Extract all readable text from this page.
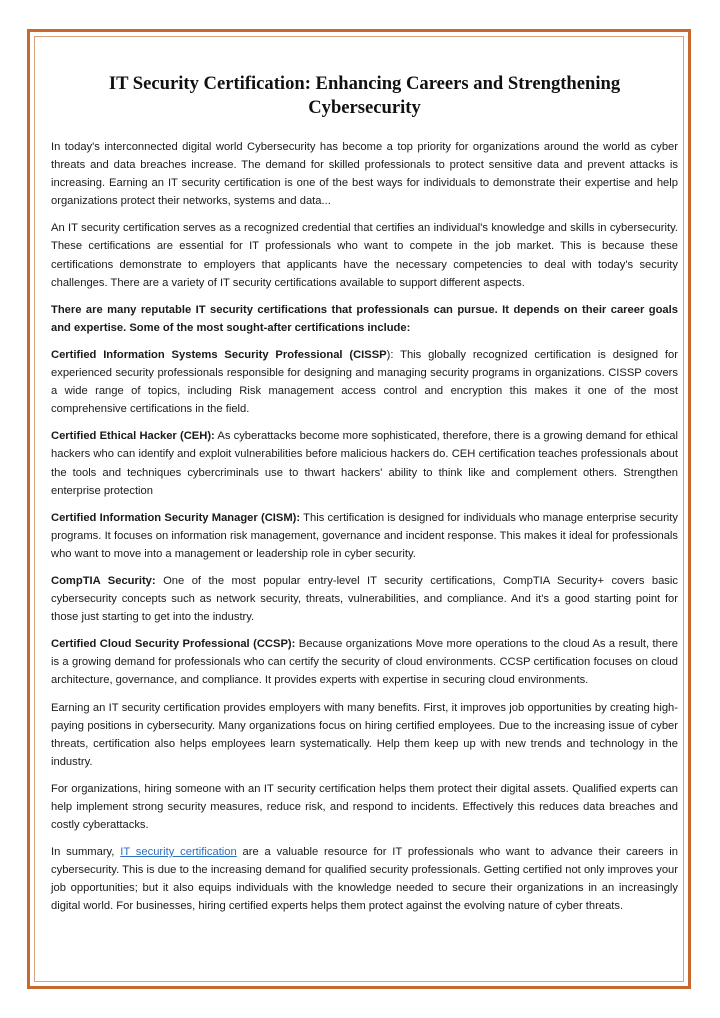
IT Security Certification: Enhancing Careers and Strengthening Cybersecurity

In today's interconnected digital world Cybersecurity has become a top priority for organizations around the world as cyber threats and data breaches increase. The demand for skilled professionals to protect sensitive data and prevent attacks is increasing. Earning an IT security certification is one of the best ways for individuals to demonstrate their expertise and help organizations protect their networks, systems and data...

An IT security certification serves as a recognized credential that certifies an individual's knowledge and skills in cybersecurity. These certifications are essential for IT professionals who want to compete in the job market. This is because these certifications demonstrate to employers that applicants have the necessary competencies to deal with today's security challenges. There are a variety of IT security certifications available to support different aspects.

There are many reputable IT security certifications that professionals can pursue. It depends on their career goals and expertise. Some of the most sought-after certifications include:

Certified Information Systems Security Professional (CISSP): This globally recognized certification is designed for experienced security professionals responsible for designing and managing security programs in organizations. CISSP covers a wide range of topics, including Risk management access control and encryption this makes it one of the most comprehensive certifications in the field.

Certified Ethical Hacker (CEH): As cyberattacks become more sophisticated, therefore, there is a growing demand for ethical hackers who can identify and exploit vulnerabilities before malicious hackers do. CEH certification teaches professionals about the tools and techniques cybercriminals use to thwart hackers' ability to think like and complement others. Strengthen enterprise protection

Certified Information Security Manager (CISM): This certification is designed for individuals who manage enterprise security programs. It focuses on information risk management, governance and incident response. This makes it ideal for professionals who want to move into a management or leadership role in cyber security.

CompTIA Security: One of the most popular entry-level IT security certifications, CompTIA Security+ covers basic cybersecurity concepts such as network security, threats, vulnerabilities, and compliance. And it's a good starting point for those just starting to get into the industry.

Certified Cloud Security Professional (CCSP): Because organizations Move more operations to the cloud As a result, there is a growing demand for professionals who can certify the security of cloud environments. CCSP certification focuses on cloud architecture, governance, and compliance. It provides experts with expertise in securing cloud environments.

Earning an IT security certification provides employers with many benefits. First, it improves job opportunities by creating high-paying positions in cybersecurity. Many organizations focus on hiring certified employees. Due to the increasing issue of cyber threats, certification also helps employees learn systematically. Help them keep up with new trends and technology in the industry.

For organizations, hiring someone with an IT security certification helps them protect their digital assets. Qualified experts can help implement strong security measures, reduce risk, and respond to incidents. Effectively this reduces data breaches and costly cyberattacks.

In summary, IT security certification are a valuable resource for IT professionals who want to advance their careers in cybersecurity. This is due to the increasing demand for qualified security professionals. Getting certified not only improves your job opportunities; but it also equips individuals with the knowledge needed to secure their organizations in an increasingly digital world. For businesses, hiring certified experts helps them protect against the evolving nature of cyber threats.
